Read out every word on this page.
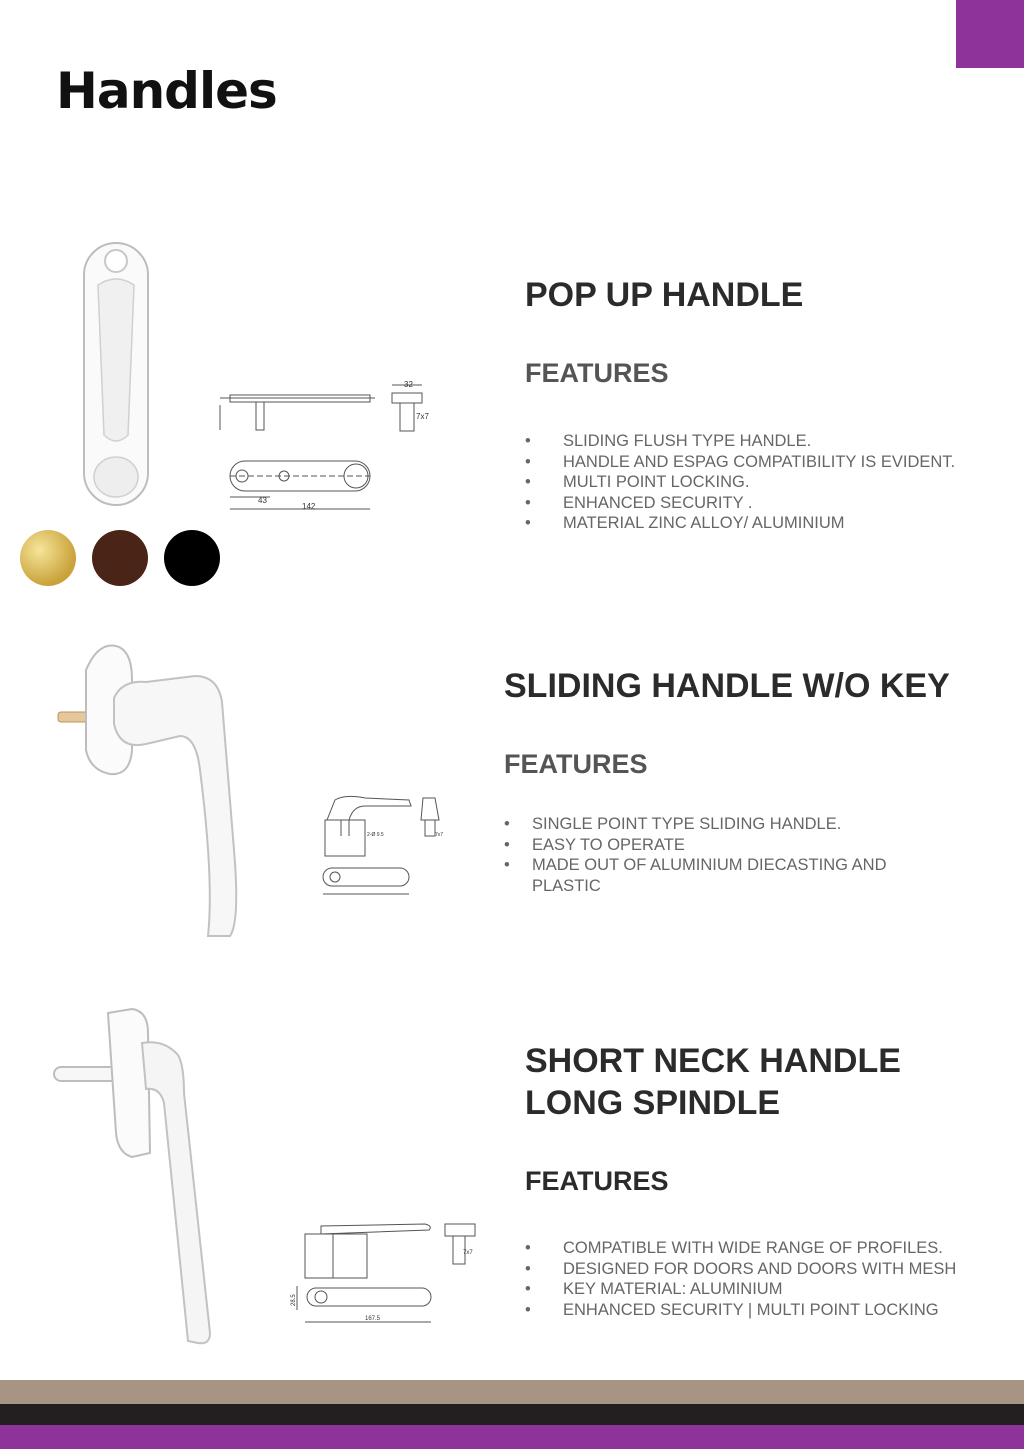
Handles
32
7x7
43
142
POP UP HANDLE
FEATURES
• SLIDING FLUSH TYPE HANDLE.
• HANDLE AND ESPAG COMPATIBILITY IS EVIDENT.
• MULTI POINT LOCKING.
• ENHANCED SECURITY .
• MATERIAL ZINC ALLOY/ ALUMINIUM
2-Ø 9.5	7x7
SLIDING HANDLE W/O KEY
FEATURES
• SINGLE POINT TYPE SLIDING HANDLE.
• EASY TO OPERATE
• MADE OUT OF ALUMINIUM DIECASTING AND PLASTIC
28.5
167.5
7x7
SHORT NECK HANDLE
LONG SPINDLE
FEATURES
• COMPATIBLE WITH WIDE RANGE OF PROFILES.
• DESIGNED FOR DOORS AND DOORS WITH MESH
• KEY MATERIAL: ALUMINIUM
• ENHANCED SECURITY | MULTI POINT LOCKING
